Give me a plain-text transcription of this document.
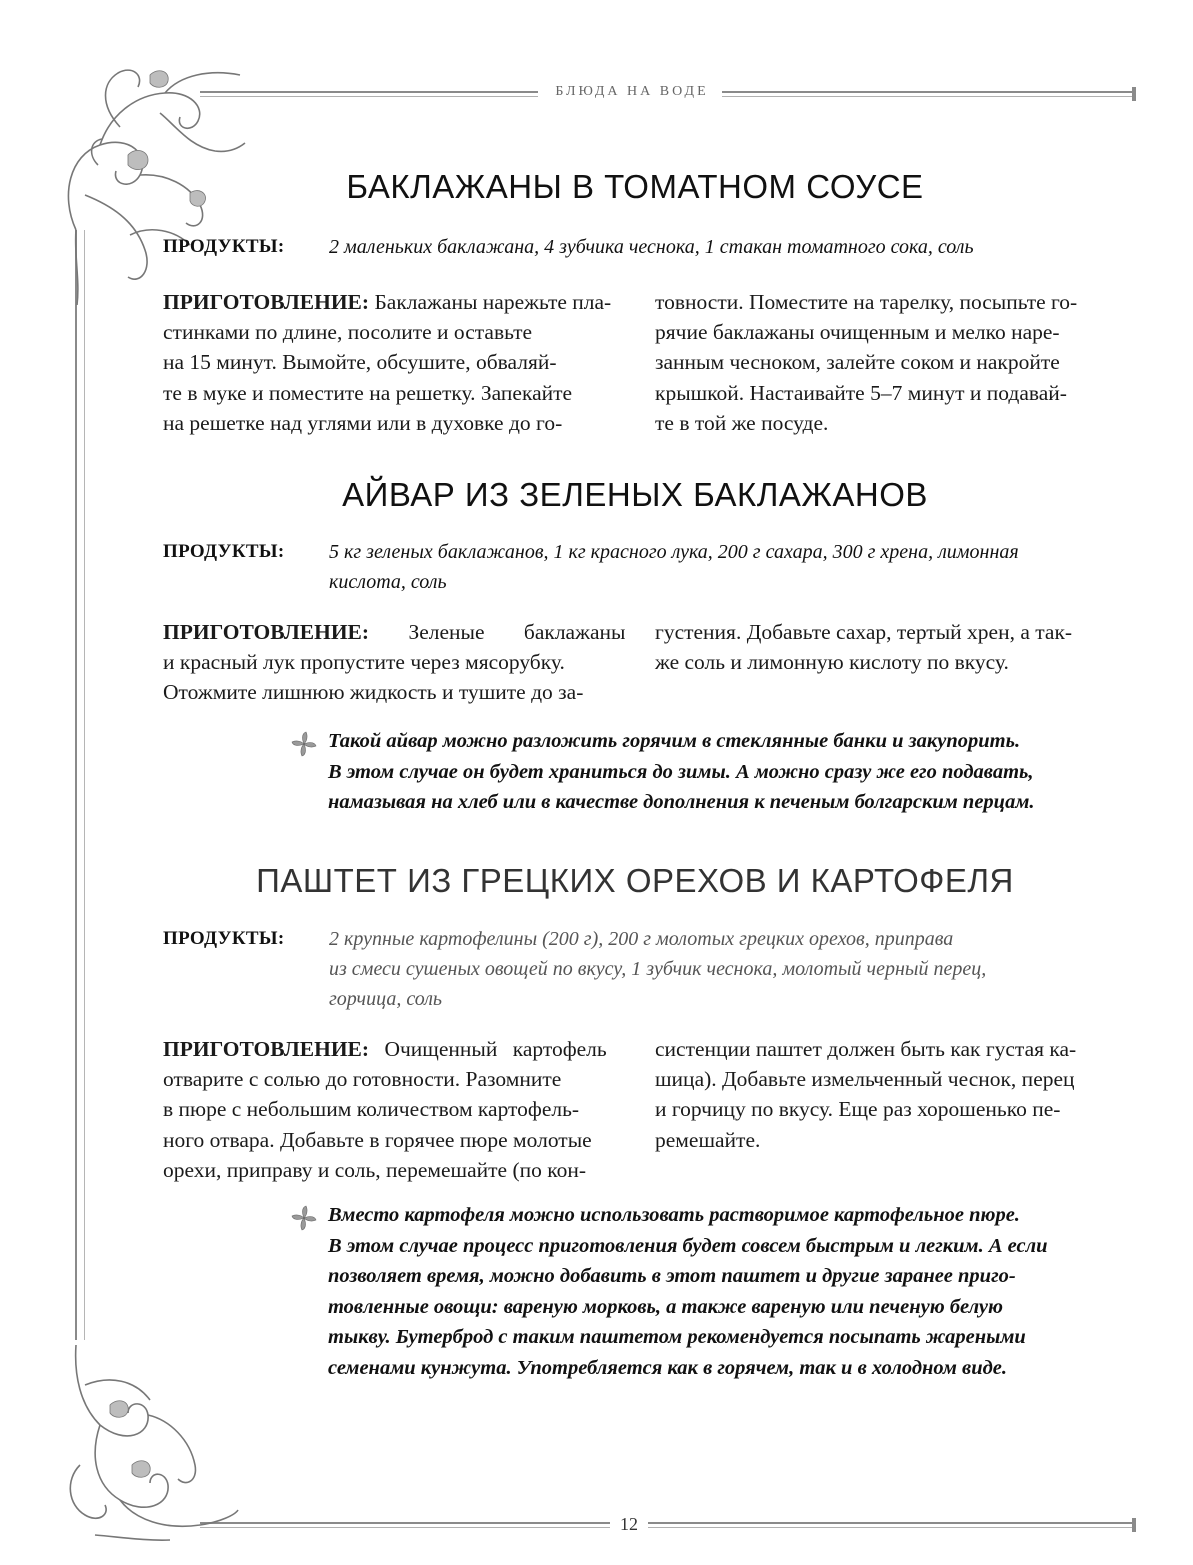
БЛЮДА НА ВОДЕ
12
БАКЛАЖАНЫ В ТОМАТНОМ СОУСЕ
ПРОДУКТЫ: 2 маленьких баклажана, 4 зубчика чеснока, 1 стакан томатного сока, соль
ПРИГОТОВЛЕНИЕ: Баклажаны нарежьте пла-
стинками по длине, посолите и оставьте
на 15 минут. Вымойте, обсушите, обваляй-
те в муке и поместите на решетку. Запекайте
на решетке над углями или в духовке до го-
товности. Поместите на тарелку, посыпьте го-
рячие баклажаны очищенным и мелко наре-
занным чесноком, залейте соком и накройте
крышкой. Настаивайте 5–7 минут и подавай-
те в той же посуде.
АЙВАР ИЗ ЗЕЛЕНЫХ БАКЛАЖАНОВ
ПРОДУКТЫ: 5 кг зеленых баклажанов, 1 кг красного лука, 200 г сахара, 300 г хрена, лимонная
кислота, соль
ПРИГОТОВЛЕНИЕ: Зеленые баклажаны
и красный лук пропустите через мясорубку.
Отожмите лишнюю жидкость и тушите до за-
густения. Добавьте сахар, тертый хрен, а так-
же соль и лимонную кислоту по вкусу.
Такой айвар можно разложить горячим в стеклянные банки и закупорить.
В этом случае он будет храниться до зимы. А можно сразу же его подавать,
намазывая на хлеб или в качестве дополнения к печеным болгарским перцам.
ПАШТЕТ ИЗ ГРЕЦКИХ ОРЕХОВ И КАРТОФЕЛЯ
ПРОДУКТЫ: 2 крупные картофелины (200 г), 200 г молотых грецких орехов, приправа
из смеси сушеных овощей по вкусу, 1 зубчик чеснока, молотый черный перец,
горчица, соль
ПРИГОТОВЛЕНИЕ: Очищенный картофель
отварите с солью до готовности. Разомните
в пюре с небольшим количеством картофель-
ного отвара. Добавьте в горячее пюре молотые
орехи, приправу и соль, перемешайте (по кон-
систенции паштет должен быть как густая ка-
шица). Добавьте измельченный чеснок, перец
и горчицу по вкусу. Еще раз хорошенько пе-
ремешайте.
Вместо картофеля можно использовать растворимое картофельное пюре.
В этом случае процесс приготовления будет совсем быстрым и легким. А если
позволяет время, можно добавить в этот паштет и другие заранее приго-
товленные овощи: вареную морковь, а также вареную или печеную белую
тыкву. Бутерброд с таким паштетом рекомендуется посыпать жареными
семенами кунжута. Употребляется как в горячем, так и в холодном виде.
